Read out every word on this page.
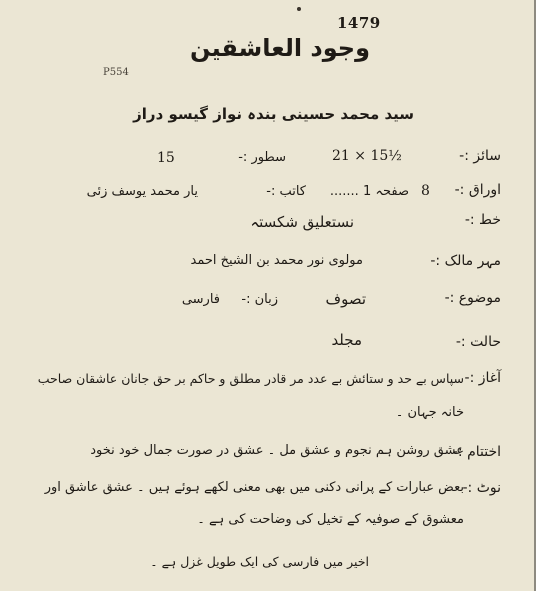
1479
P554
وجود العاشقین
سید محمد حسینی بندہ نواز گیسو دراز
سائز :-
21 × 15½
سطور :-
15
اوراق :-
8
صفحہ 1 .......
کاتب :-
یار محمد یوسف زئی
خط :-
نستعلیق شکستہ
مہر مالک :-
مولوی نور محمد بن الشیخ احمد
موضوع :-
تصوف
زبان :-
فارسی
حالت :-
مجلد
آغاز :-
سپاس بے حد و ستائش بے عدد مر قادر مطلق و حاکم بر حق جانان عاشقان صاحب
خانہ جہان ۔
اختتام :-
عشق روشن ہم نجوم و عشق مل ۔ عشق در صورت جمال خود نخود
نوٹ :-
بعض عبارات کے پرانی دکنی میں بھی معنی لکھے ہوئے ہیں ۔ عشق عاشق اور
معشوق کے صوفیہ کے تخیل کی وضاحت کی ہے ۔
اخیر میں فارسی کی ایک طویل غزل ہے ۔
